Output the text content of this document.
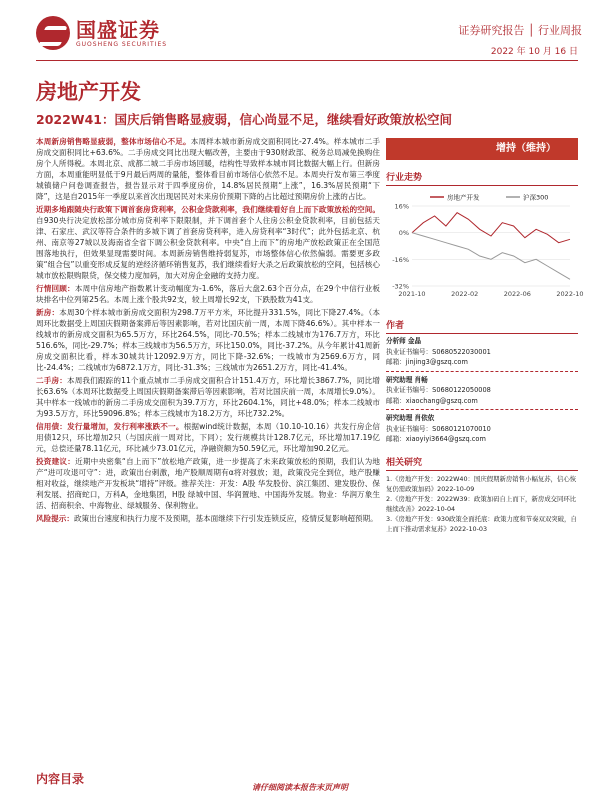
国盛证券
GUOSHENG SECURITIES
证券研究报告 │ 行业周报
2022 年 10 月 16 日
房地产开发
2022W41：国庆后销售略显疲弱，信心尚显不足，继续看好政策放松空间

本周新房销售略显疲弱，整体市场信心不足。本周样本城市新房成交面积同比-27.4%。样本城市二手房成交面积同比+63.6%。二手房成交同比出现大幅改善，主要由于930财政部、税务总局减免换购住房个人所得税。本周北京、成都二城二手房市场回暖，结构性导致样本城市同比数据大幅上行。但新房方面，本周重能明显低于9月最后两周的量能，整体看目前市场信心依然不足。本周央行发布第三季度城镇储户问卷调查报告，报告显示对于四季度房价，14.8%居民预期“上涨”，16.3%居民预期“下降”，这是自2015年一季度以来首次出现居民对未来房价预期下降的占比超过预期房价上涨的占比。

近期多地跟随央行政策下调首套房贷利率，公积金贷款利率，我们继续看好自上而下政策放松的空间。自930央行决定放松部分城市房贷利率下限限制，并下调首套个人住房公积金贷款利率，目前包括天津、石家庄、武汉等符合条件的多城下调了首套房贷利率，进入房贷利率“3时代”；此外包括北京、杭州、南京等27城以及海南省全省下调公积金贷款利率。中央“自上而下”的房地产放松政策正在全国范围落地执行，但效果显现需要时间。本周新房销售维持弱复苏，市场整体信心依然偏弱。需要更多政策“组合包”以重变形成反复的逆经济循环销售复苏，我们继续看好大杀之后政策放松的空间，包括核心城市放松限购限贷，保交楼力度加码，加大对房企金融的支持力度。

行情回顾：本周中信房地产指数累计变动幅度为-1.6%，落后大盘2.63个百分点，在29个中信行业板块排名中位列第25名。本周上涨个股共92支，较上周增长92支，下跌股数为41支。

新房：本周30个样本城市新房成交面积为298.7万平方米，环比提升331.5%，同比下降27.4%。（本周环比数据受上周国庆假期备案滞后等因素影响，若对比国庆前一周，本周下降46.6%）。其中样本一线城市的新房成交面积为65.5万方，环比264.5%，同比-70.5%；样本二线城市为176.7万方，环比516.6%，同比-29.7%；样本三线城市为56.5万方，环比150.0%，同比-37.2%。从今年累计41周新房成交面积比看，样本30城共计12092.9万方，同比下降-32.6%；一线城市为2569.6万方，同比-24.4%；二线城市为6872.1万方，同比-31.3%；三线城市为2651.2万方，同比-41.4%。

二手房：本周我们跟踪的11个重点城市二手房成交面积合计151.4万方，环比增长3867.7%，同比增长63.6%（本周环比数据受上周国庆假期备案滞后等因素影响，若对比国庆前一周，本周增长9.0%）。其中样本一线城市的新房二手房成交面积为39.7万方，环比2604.1%，同比+48.0%；样本二线城市为93.5万方，环比59096.8%；样本三线城市为18.2万方，环比732.2%。

信用债：发行量增加，发行利率涨跌不一。根据wind统计数据，本周（10.10-10.16）共发行房企信用债12只，环比增加2只（与国庆前一周对比，下同）；发行规模共计128.7亿元，环比增加17.19亿元，总偿还量78.11亿元，环比减少73.01亿元，净融资额为50.59亿元，环比增加90.2亿元。

投资建议：近期中央密集“自上而下”放松地产政策，进一步提高了未来政策放松的预期，我们认为地产“进可攻退可守”：进，政策出台刺激，地产股顺周期有α将对强放；退，政策没完全到位，地产股赚相对收益，继续地产开发板块“增持”评级。推荐关注：开发：A股 华发股份、滨江集团、建发股份、保利发展、招商蛇口，万科A，金地集团，H股 绿城中国、华润置地、中国海外发展。物业：华润万象生活、招商积余、中海物业、绿城服务、保利物业。

风险提示：政策出台速度和执行力度不及预期，基本面继续下行引发连锁反应，疫情反复影响超预期。

增持（维持）
行业走势
16%
0%
-16%
-32%
2021-10	2022-02	2022-06	2022-10
房地产开发	沪深300
作者
分析师 金晶
执业证书编号：S0680522030001
邮箱：jinjing3@gszq.com
研究助理 肖畅
执业证书编号：S0680122050008
邮箱：xiaochang@gszq.com
研究助理 肖依依
执业证书编号：S0680121070010
邮箱：xiaoyiyi3664@gszq.com
相关研究
1.《房地产开发：2022W40：国庆假期新房销售小幅复苏，信心恢复仍需政策加码》2022-10-09
2.《房地产开发：2022W39：政策加码自上而下，新房成交同环比继续改善》2022-10-04
3.《房地产开发：930政策全面托底：政策力度和节奏双双突破，自上而下推动需求复苏》2022-10-03
内容目录
请仔细阅读本报告末页声明
